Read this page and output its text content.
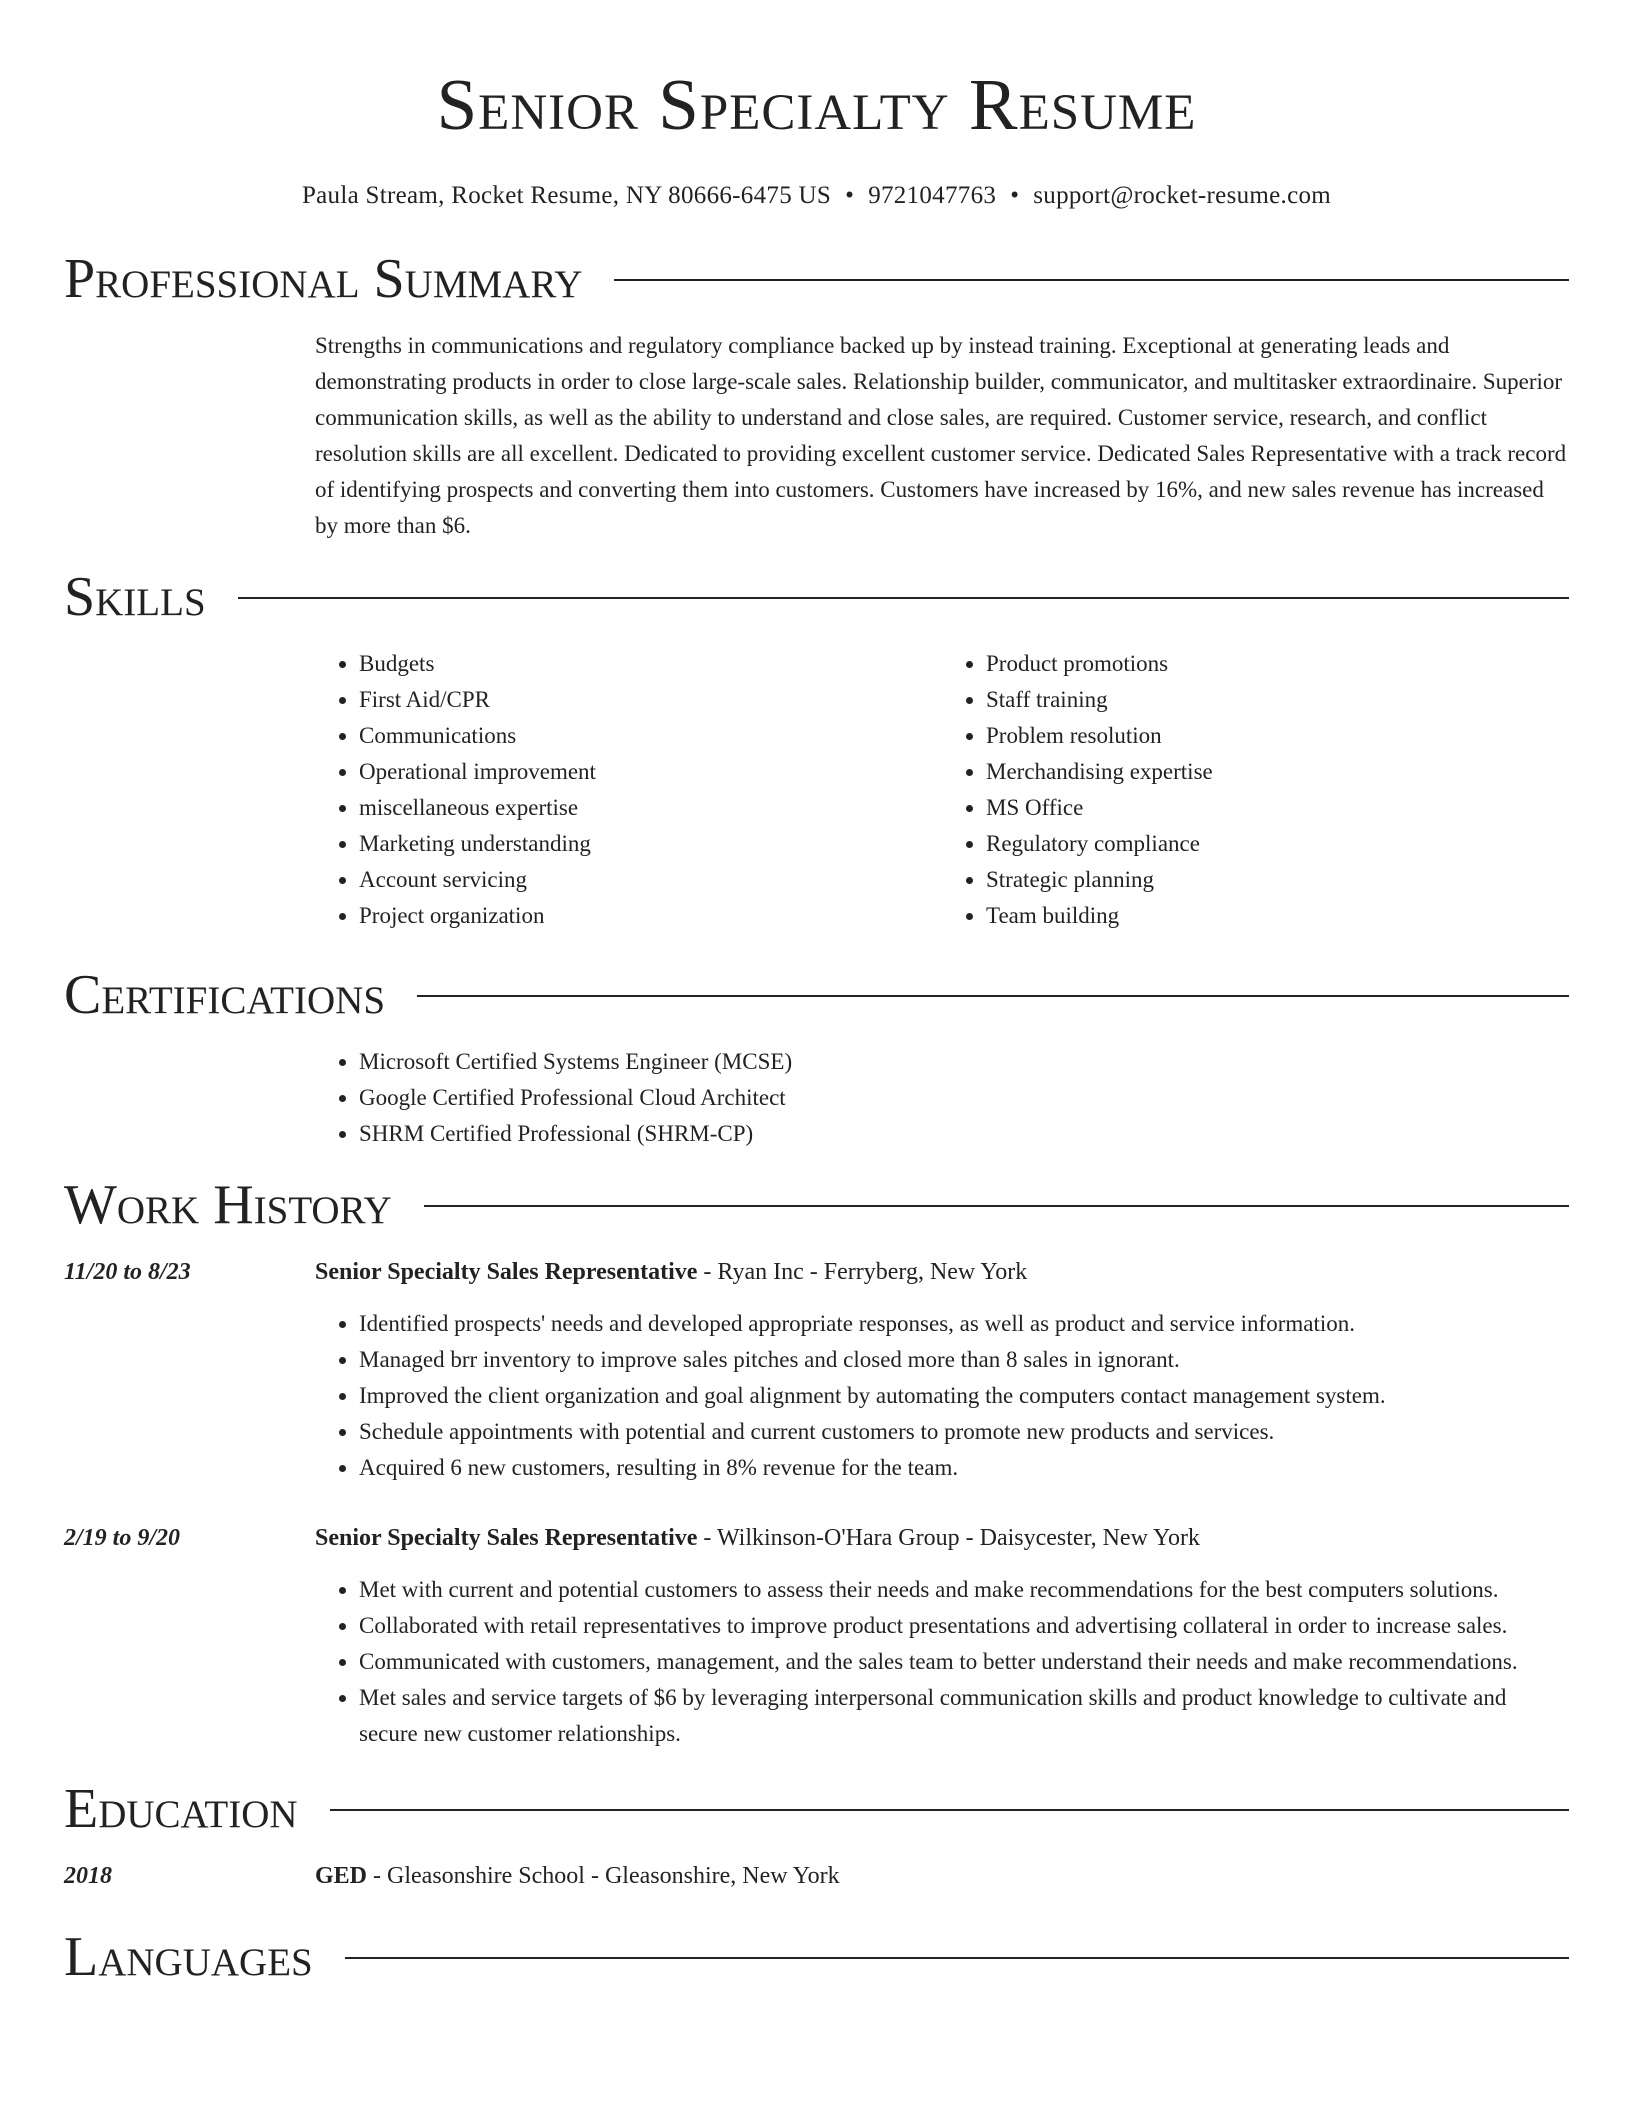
Senior Specialty Resume
Paula Stream, Rocket Resume, NY 80666-6475 US • 9721047763 • support@rocket-resume.com
Professional Summary

Strengths in communications and regulatory compliance backed up by instead training. Exceptional at generating leads and demonstrating products in order to close large-scale sales. Relationship builder, communicator, and multitasker extraordinaire. Superior communication skills, as well as the ability to understand and close sales, are required. Customer service, research, and conflict resolution skills are all excellent. Dedicated to providing excellent customer service. Dedicated Sales Representative with a track record of identifying prospects and converting them into customers. Customers have increased by 16%, and new sales revenue has increased by more than $6.

Skills
• Budgets
• First Aid/CPR
• Communications
• Operational improvement
• miscellaneous expertise
• Marketing understanding
• Account servicing
• Project organization
• Product promotions
• Staff training
• Problem resolution
• Merchandising expertise
• MS Office
• Regulatory compliance
• Strategic planning
• Team building
Certifications
• Microsoft Certified Systems Engineer (MCSE)
• Google Certified Professional Cloud Architect
• SHRM Certified Professional (SHRM-CP)
Work History
11/20 to 8/23	Senior Specialty Sales Representative - Ryan Inc - Ferryberg, New York
• Identified prospects' needs and developed appropriate responses, as well as product and service information.
• Managed brr inventory to improve sales pitches and closed more than 8 sales in ignorant.
• Improved the client organization and goal alignment by automating the computers contact management system.
• Schedule appointments with potential and current customers to promote new products and services.
• Acquired 6 new customers, resulting in 8% revenue for the team.
2/19 to 9/20	Senior Specialty Sales Representative - Wilkinson-O'Hara Group - Daisycester, New York
• Met with current and potential customers to assess their needs and make recommendations for the best computers solutions.
• Collaborated with retail representatives to improve product presentations and advertising collateral in order to increase sales.
• Communicated with customers, management, and the sales team to better understand their needs and make recommendations.
• Met sales and service targets of $6 by leveraging interpersonal communication skills and product knowledge to cultivate and secure new customer relationships.
Education
2018	GED - Gleasonshire School - Gleasonshire, New York
Languages
